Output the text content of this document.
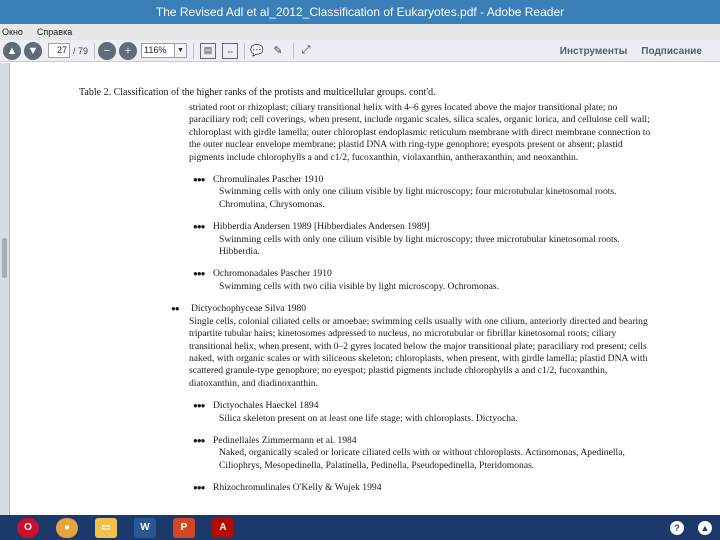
The Revised Adl et al_2012_Classification of Eukaryotes.pdf - Adobe Reader
Окно Справка
▲ ▼	27 / 79 − +	116%	▼	▤ ⇔ 💬 ✎ ⤢	Инструменты Подписание
Table 2. Classification of the higher ranks of the protists and multicellular groups. cont'd.
striated root or rhizoplast; ciliary transitional helix with 4–6 gyres located above the major transitional plate; no paraciliary rod; cell coverings, when present, include organic scales, silica scales, organic lorica, and cellulose cell wall; chloroplast with girdle lamella; outer chloroplast endoplasmic reticulum membrane with direct membrane connection to the outer nuclear envelope membrane; plastid DNA with ring-type genophore; eyespots present or absent; plastid pigments include chlorophylls a and c1/2, fucoxanthin, violaxanthin, antheraxanthin, and neoxanthin.
●●● Chromulinales Pascher 1910
Swimming cells with only one cilium visible by light microscopy; four microtubular kinetosomal roots. Chromulina, Chrysomonas.
●●● Hibberdia Andersen 1989 [Hibberdiales Andersen 1989]
Swimming cells with only one cilium visible by light microscopy; three microtubular kinetosomal roots. Hibberdia.
●●● Ochromonadales Pascher 1910
Swimming cells with two cilia visible by light microscopy. Ochromonas.
●●	Dictyochophyceae Silva 1980
Single cells, colonial ciliated cells or amoebae; swimming cells usually with one cilium, anteriorly directed and bearing tripartite tubular hairs; kinetosomes adpressed to nucleus, no microtubular or fibrillar kinetosomal roots; ciliary transitional helix, when present, with 0–2 gyres located below the major transitional plate; paraciliary rod present; cells naked, with organic scales or with siliceous skeleton; chloroplasts, when present, with girdle lamella; plastid DNA with scattered granule-type genophore; no eyespot; plastid pigments include chlorophylls a and c1/2, fucoxanthin, diatoxanthin, and diadinoxanthin.
●●● Dictyochales Haeckel 1894
Silica skeleton present on at least one life stage; with chloroplasts. Dictyocha.
●●● Pedinellales Zimmermann et al. 1984
Naked, organically scaled or loricate ciliated cells with or without chloroplasts. Actinomonas, Apedinella, Ciliophrys, Mesopedinella, Palatinella, Pedinella, Pseudopedinella, Pteridomonas.
●●● Rhizochromulinales O'Kelly & Wujek 1994
O	●	▭	W	P	A	?	▲
